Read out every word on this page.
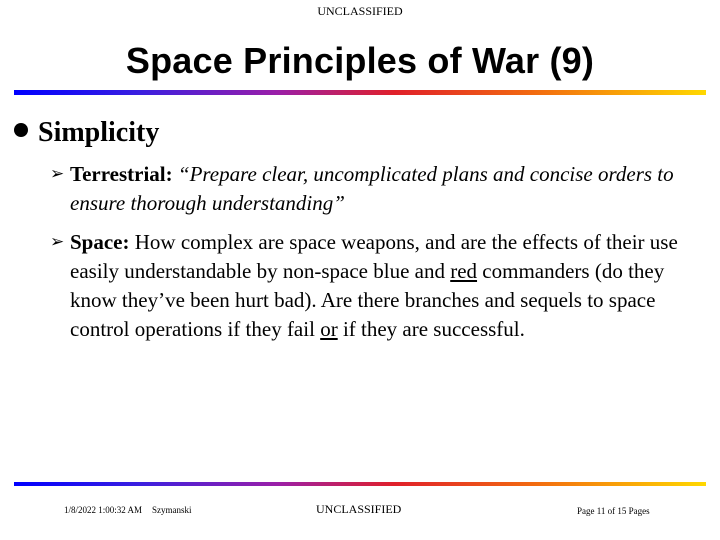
UNCLASSIFIED
Space Principles of War (9)
Simplicity
➢ Terrestrial: “Prepare clear, uncomplicated plans and concise orders to ensure thorough understanding”
➢ Space: How complex are space weapons, and are the effects of their use easily understandable by non-space blue and red commanders (do they know they’ve been hurt bad). Are there branches and sequels to space control operations if they fail or if they are successful.
1/8/2022 1:00:32 AM Szymanski	UNCLASSIFIED	Page 11 of 15 Pages
